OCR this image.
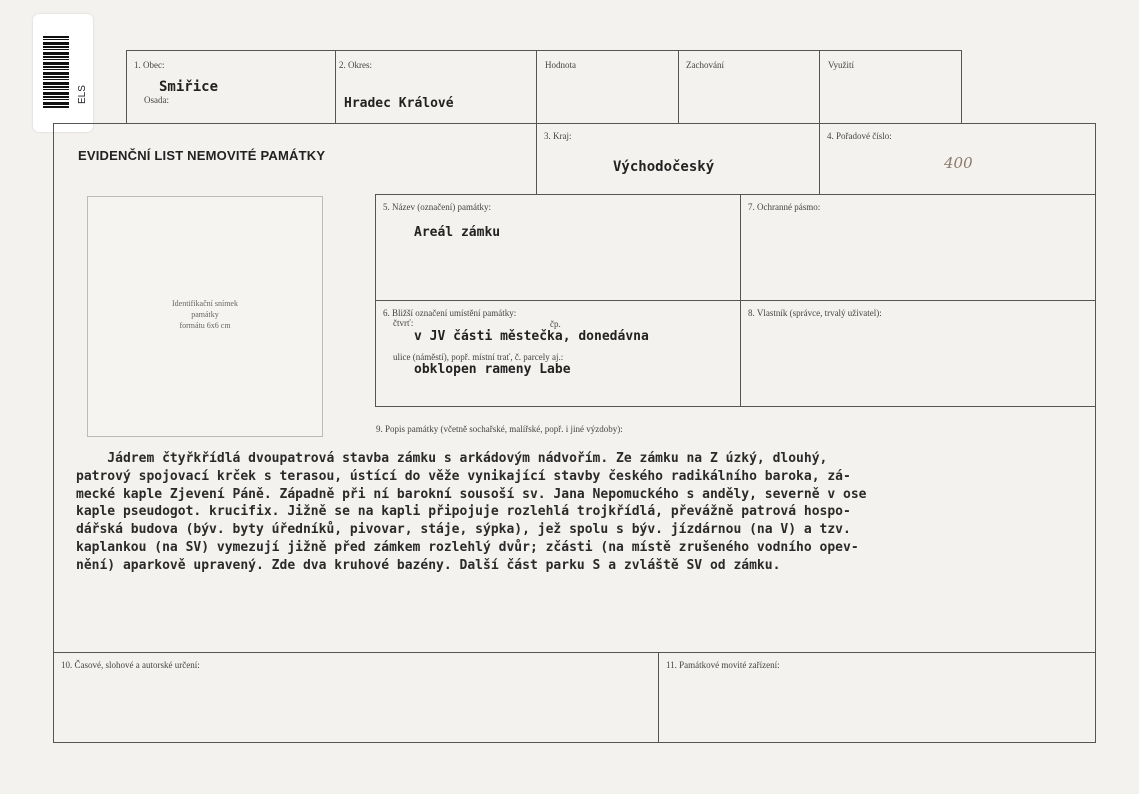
ELS
1. Obec:
Smiřice
Osada:
2. Okres:
Hradec Králové
Hodnota	Zachování	Využití
EVIDENČNÍ LIST NEMOVITÉ PAMÁTKY
3. Kraj:
Východočeský
4. Pořadové číslo:
400
Identifikační snímek
památky
formátu 6x6 cm
5. Název (označení) památky:
Areál zámku
7. Ochranné pásmo:
6. Bližší označení umístění památky:
čtvrť:	čp.
v JV části městečka, donedávna
ulice (náměstí), popř. místní trať, č. parcely aj.:
obklopen rameny Labe
8. Vlastník (správce, trvalý uživatel):
9. Popis památky (včetně sochařské, malířské, popř. i jiné výzdoby):
Jádrem čtyřkřídlá dvoupatrová stavba zámku s arkádovým nádvořím. Ze zámku na Z úzký, dlouhý,
patrový spojovací krček s terasou, ústící do věže vynikající stavby českého radikálního baroka, zá-
mecké kaple Zjevení Páně. Západně při ní barokní sousoší sv. Jana Nepomuckého s anděly, severně v ose
kaple pseudogot. krucifix. Jižně se na kapli připojuje rozlehlá trojkřídlá, převážně patrová hospo-
dářská budova (býv. byty úředníků, pivovar, stáje, sýpka), jež spolu s býv. jízdárnou (na V) a tzv.
kaplankou (na SV) vymezují jižně před zámkem rozlehlý dvůr; zčásti (na místě zrušeného vodního opev-
nění) aparkově upravený. Zde dva kruhové bazény. Další část parku S a zvláště SV od zámku.
10. Časové, slohové a autorské určení:	11. Památkové movité zařízení:
